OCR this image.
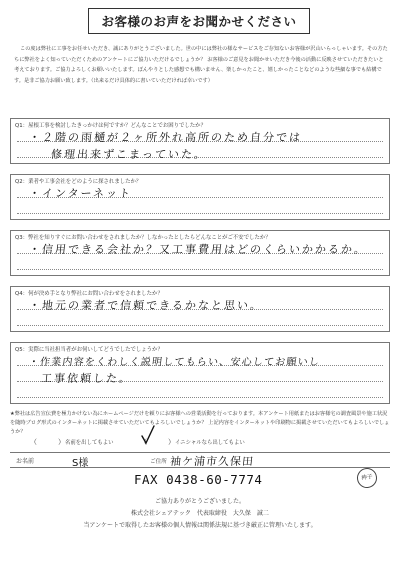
お客様のお声をお聞かせください
この度は弊社に工事をお任せいただき、誠にありがとうございました。世の中には弊社の様なサービスをご存知ないお客様が沢山いらっしゃいます。その方たちに弊社をよく知っていただくためのアンケートにご協力いただけるでしょうか？ お客様のご意見をお聞かせいただき今後の活動に反映させていただきたいと考えております。ご協力よろしくお願いいたします。ぼんやりとした感想でも構いません、楽しかったこと、嬉しかったことなどのような些細な事でも結構です。是非ご協力お願い致します。（出来るだけ具体的に書いていただければ幸いです）
Q1：屋根工事を検討したきっかけは何ですか？どんなことでお困りでしたか？
・２階の雨樋が２ヶ所外れ高所のため自分では
修理出来ずこまっていた。
Q2：業者や工事会社をどのように探されましたか？
・インターネット
Q3：弊社を知りすぐにお問い合わせをされましたか？しなかったとしたらどんなことがご不安でしたか？
・信用できる会社か？又工事費用はどのくらいかかるか。
Q4：何が決め手となり弊社にお問い合わせをされましたか？
・地元の業者で信頼できるかなと思い。
Q5：実際に当社担当者がお伺いしてどうでしたでしょうか？
・作業内容をくわしく説明してもらい、安心してお願いし
工事依頼した。
★弊社は広告宣伝費を極力かけない為にホームページだけを頼りにお客様への営業活動を行っております。本アンケート用紙またはお客様宅の調査風景や施工状況を随時ブログ形式のインターネットに掲載させていただいてもよろしいでしょうか？ 上記内容をインターネットや印刷物に掲載させていただいてもよろしいでしょうか？
（　　　）名前を出してもよい	（　　　）イニシャルなら出してもよい
お名前	S様	ご住所 袖ケ浦市久保田
FAX 0438-60-7774	神子
ご協力ありがとうございました。
株式会社シェアテック　代表取締役　大久保　誠二
当アンケートで取得したお客様の個人情報は関係法規に基づき厳正に管理いたします。
